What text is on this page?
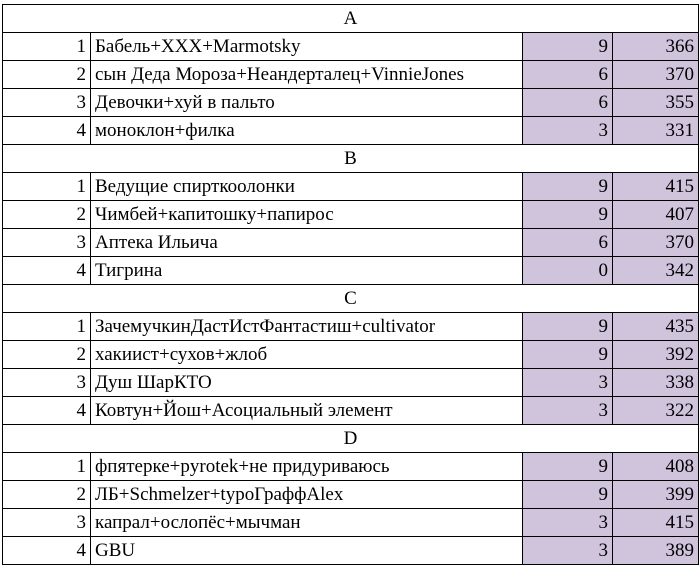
A			
1	Бабель+XXX+Marmotsky	9	366
2	сын Деда Мороза+Неандерталец+VinnieJones	6	370
3	Девочки+хуй в пальто	6	355
4	моноклон+филка	3	331
B			
1	Ведущие спирткоолонки	9	415
2	Чимбей+капитошку+папирос	9	407
3	Аптека Ильича	6	370
4	Тигрина	0	342
C			
1	ЗачемучкинДастИстФантастиш+cultivator	9	435
2	хакиист+сухов+жлоб	9	392
3	Душ ШарКТО	3	338
4	Ковтун+Йош+Асоциальный элемент	3	322
D			
1	фпятерке+pyrotek+не придуриваюсь	9	408
2	ЛБ+Schmelzer+tyроГраффAlex	9	399
3	капрал+ослопёс+мычман	3	415
4	GBU	3	389
